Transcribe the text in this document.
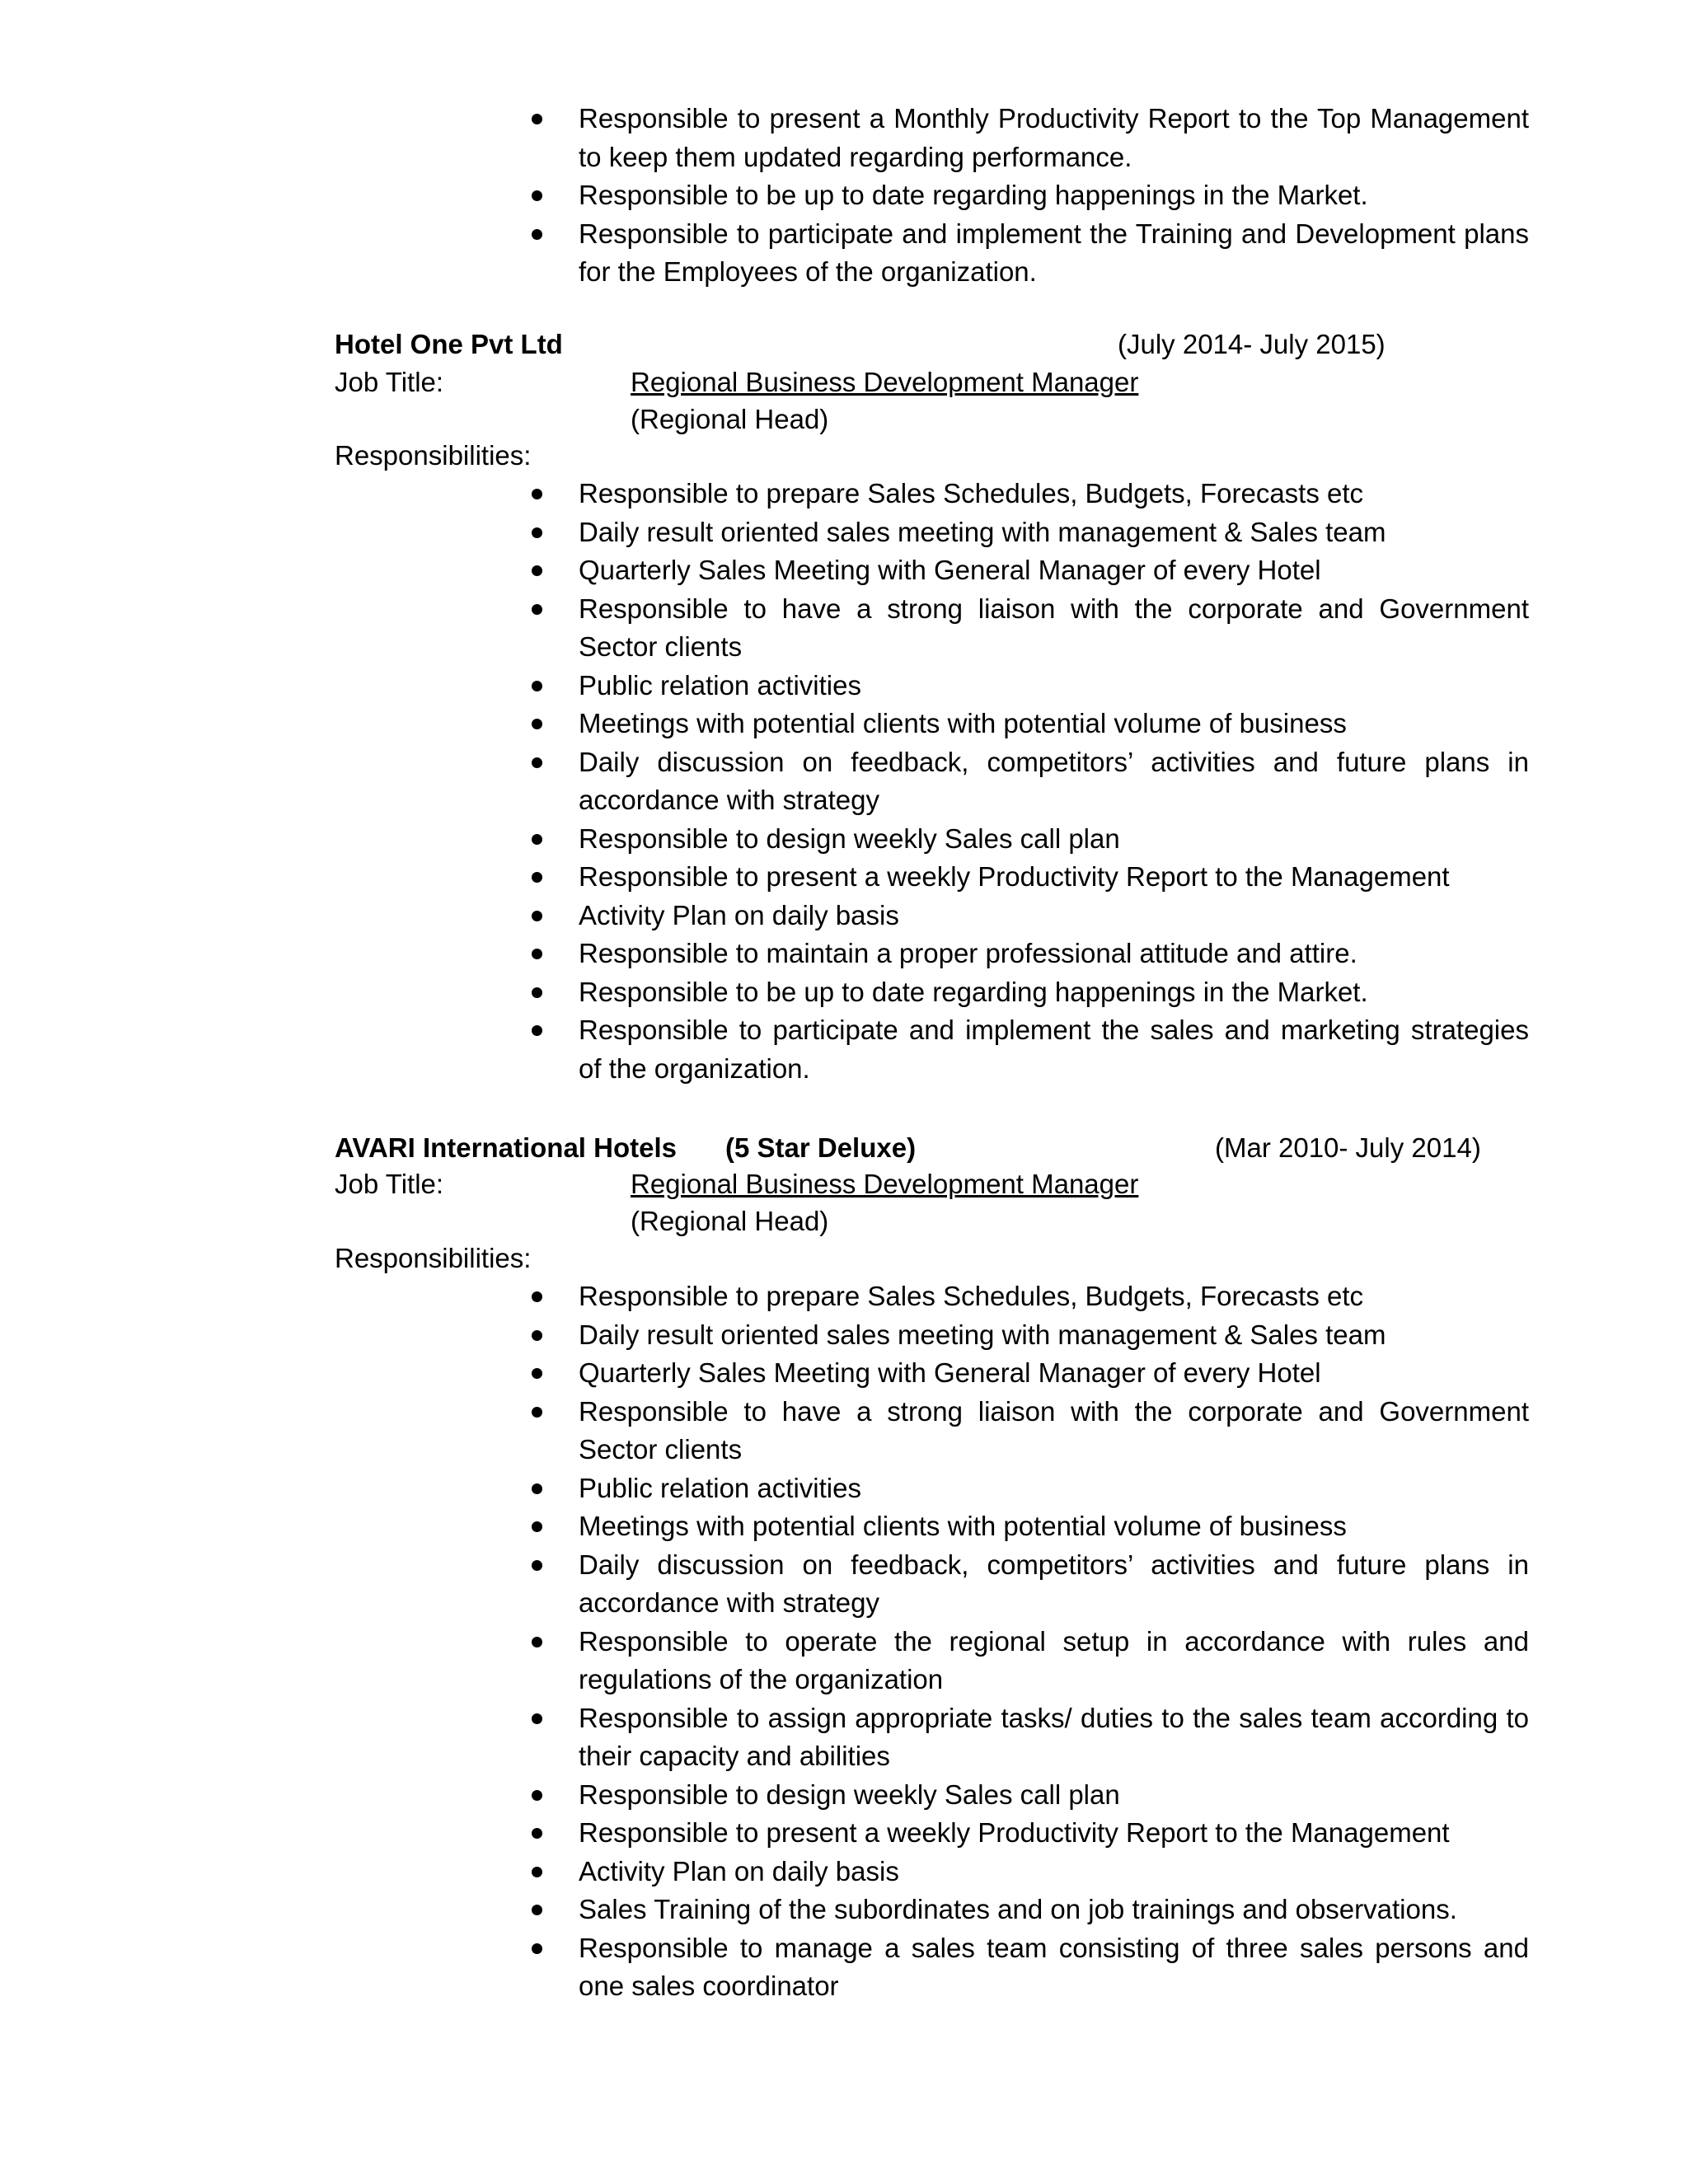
Responsible to present a Monthly Productivity Report to the Top Management to keep them updated regarding performance.
Responsible to be up to date regarding happenings in the Market.
Responsible to participate and implement the Training and Development plans for the Employees of the organization.
Hotel One Pvt Ltd	(July 2014- July 2015)
Job Title:	Regional Business Development Manager
(Regional Head)
Responsibilities:
Responsible to prepare Sales Schedules, Budgets, Forecasts etc
Daily result oriented sales meeting with management & Sales team
Quarterly Sales Meeting with General Manager of every Hotel
Responsible to have a strong liaison with the corporate and Government Sector clients
Public relation activities
Meetings with potential clients with potential volume of business
Daily discussion on feedback, competitors’ activities and future plans in accordance with strategy
Responsible to design weekly Sales call plan
Responsible to present a weekly Productivity Report to the Management
Activity Plan on daily basis
Responsible to maintain a proper professional attitude and attire.
Responsible to be up to date regarding happenings in the Market.
Responsible to participate and implement the sales and marketing strategies of the organization.
AVARI International Hotels (5 Star Deluxe)	(Mar 2010- July 2014)
Job Title:	Regional Business Development Manager
(Regional Head)
Responsibilities:
Responsible to prepare Sales Schedules, Budgets, Forecasts etc
Daily result oriented sales meeting with management & Sales team
Quarterly Sales Meeting with General Manager of every Hotel
Responsible to have a strong liaison with the corporate and Government Sector clients
Public relation activities
Meetings with potential clients with potential volume of business
Daily discussion on feedback, competitors’ activities and future plans in accordance with strategy
Responsible to operate the regional setup in accordance with rules and regulations of the organization
Responsible to assign appropriate tasks/ duties to the sales team according to their capacity and abilities
Responsible to design weekly Sales call plan
Responsible to present a weekly Productivity Report to the Management
Activity Plan on daily basis
Sales Training of the subordinates and on job trainings and observations.
Responsible to manage a sales team consisting of three sales persons and one sales coordinator
